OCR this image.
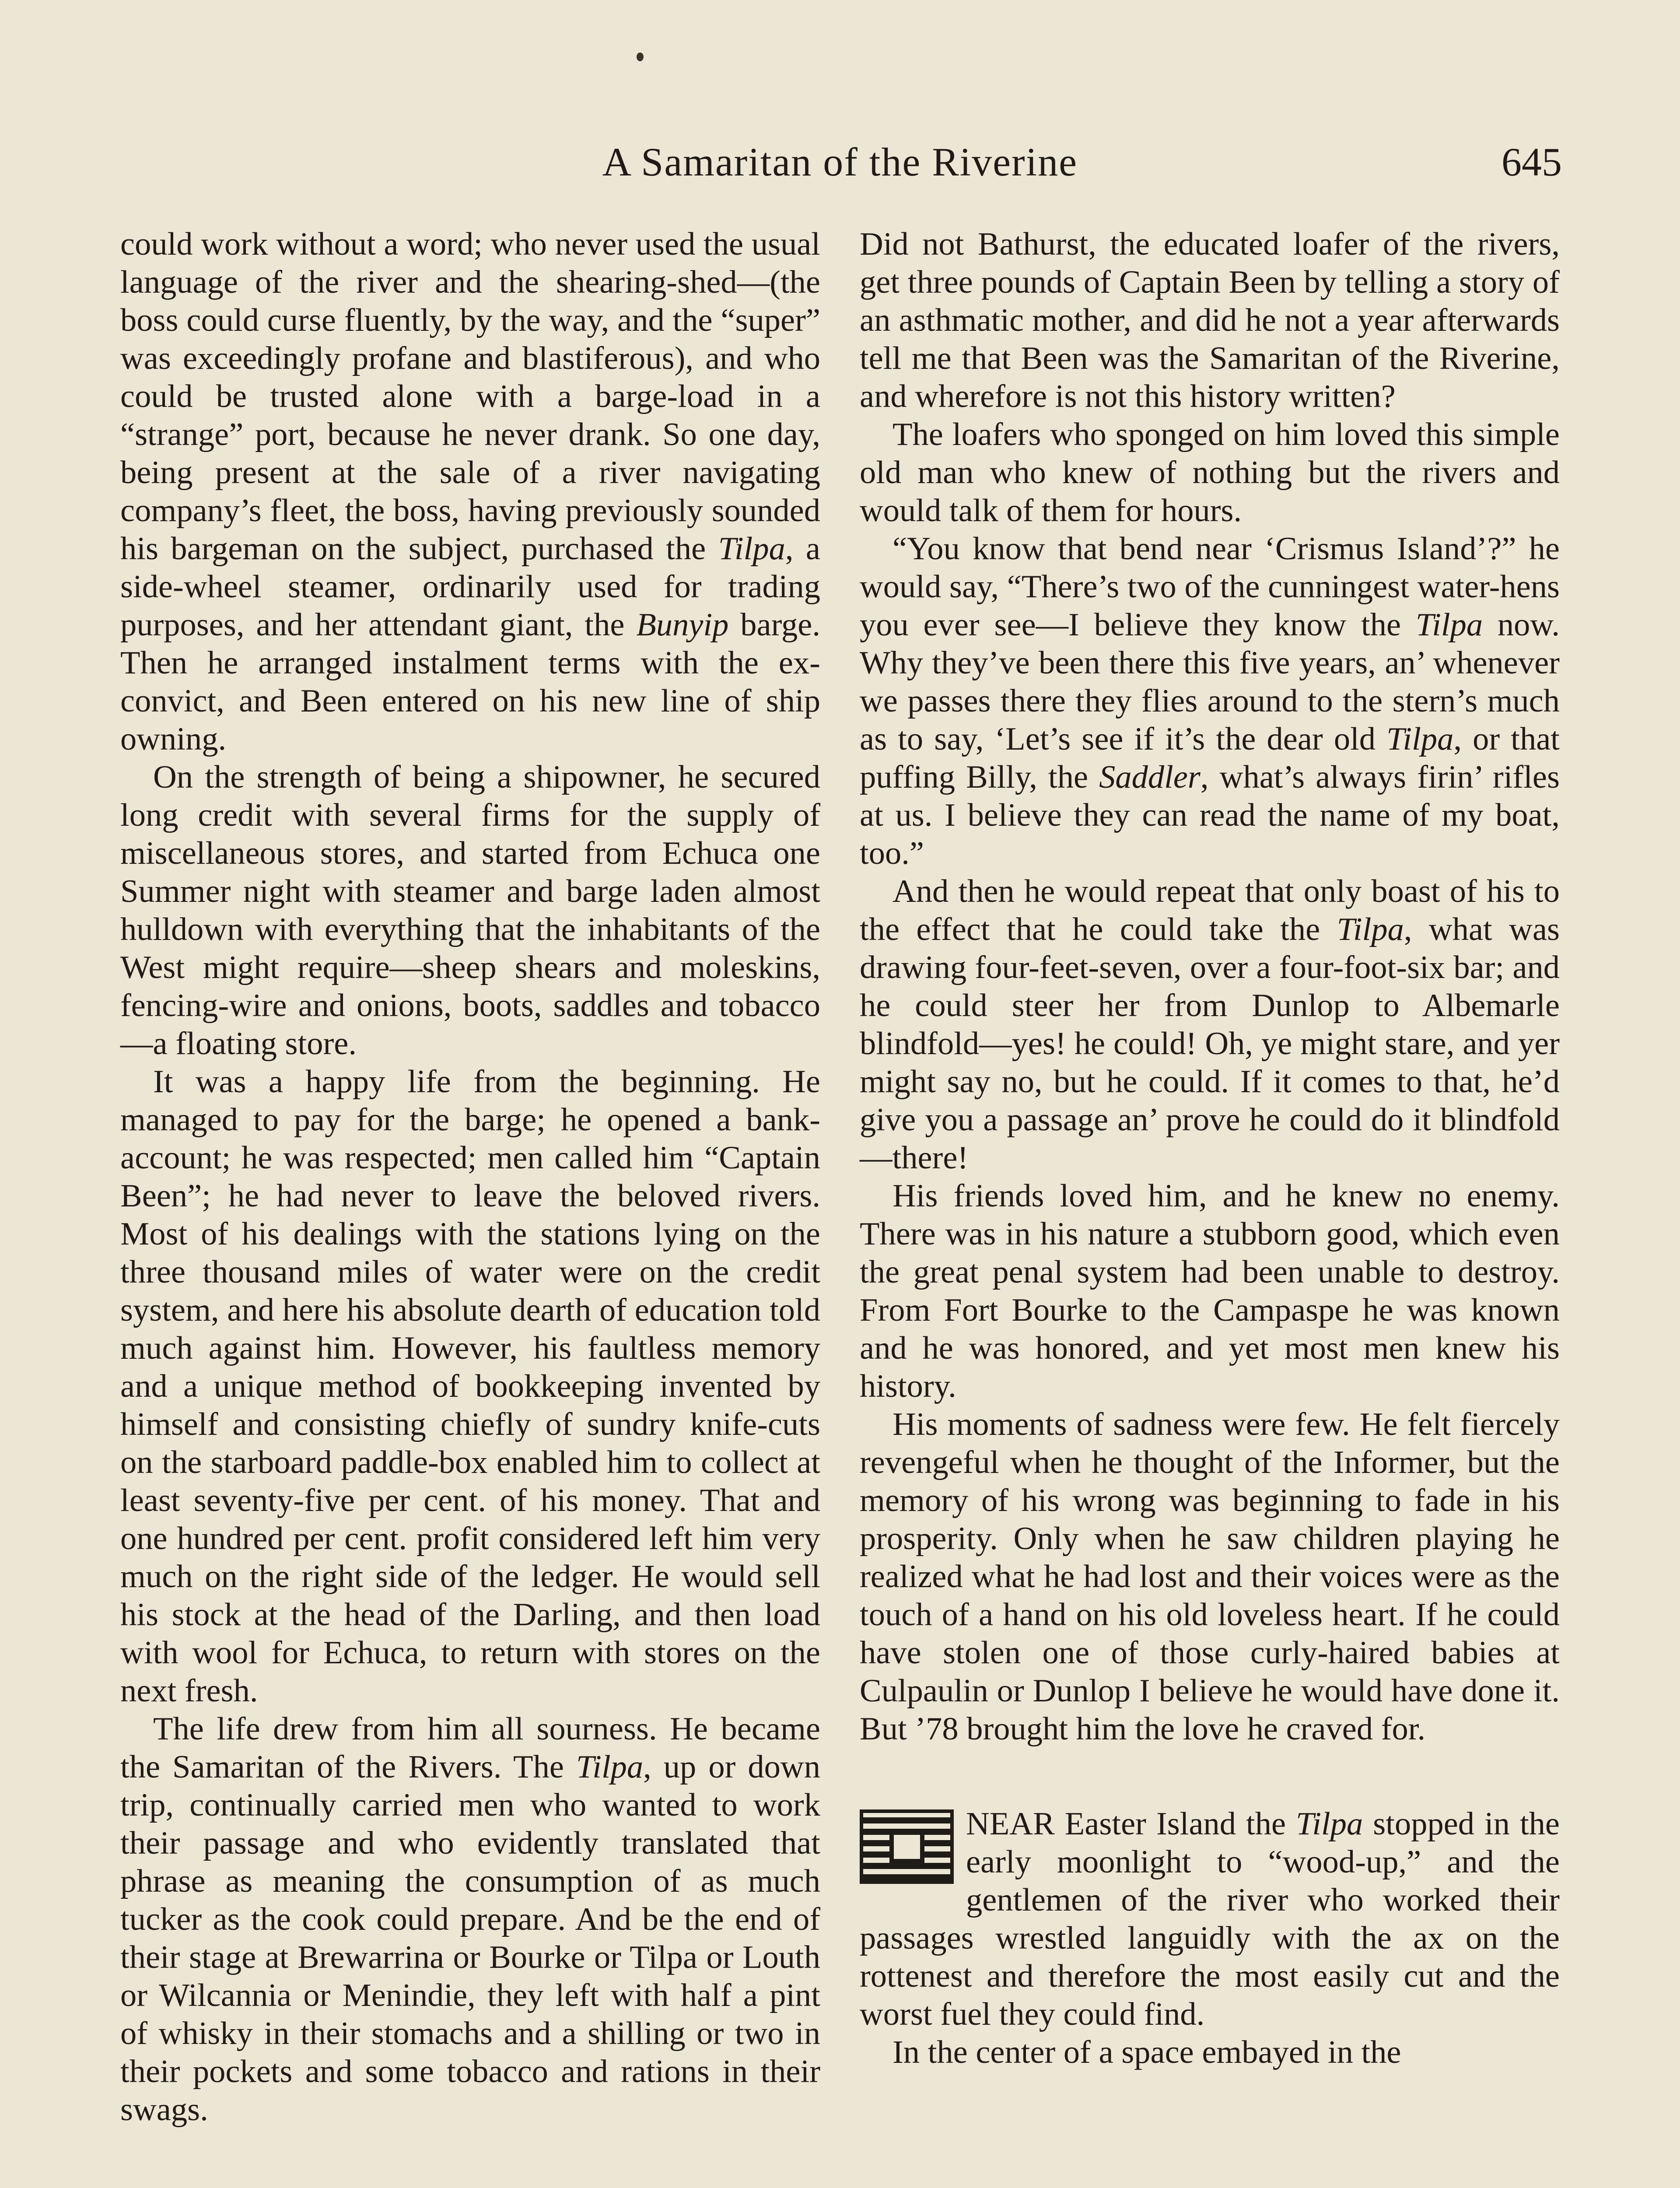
A Samaritan of the Riverine	645

could work without a word; who never used the usual language of the river and the shearing-shed—(the boss could curse fluently, by the way, and the “super” was exceedingly profane and blastiferous), and who could be trusted alone with a barge-load in a “strange” port, because he never drank. So one day, being present at the sale of a river navigating company’s fleet, the boss, having previously sounded his bargeman on the subject, purchased the Tilpa, a side-wheel steamer, ordinarily used for trading purposes, and her attendant giant, the Bunyip barge. Then he arranged instalment terms with the ex-convict, and Been entered on his new line of ship owning.

On the strength of being a shipowner, he secured long credit with several firms for the supply of miscellaneous stores, and started from Echuca one Summer night with steamer and barge laden almost hulldown with everything that the inhabitants of the West might require—sheep shears and moleskins, fencing-wire and onions, boots, saddles and tobacco—a floating store.

It was a happy life from the beginning. He managed to pay for the barge; he opened a bank-account; he was respected; men called him “Captain Been”; he had never to leave the beloved rivers. Most of his dealings with the stations lying on the three thousand miles of water were on the credit system, and here his absolute dearth of education told much against him. However, his faultless memory and a unique method of bookkeeping invented by himself and consisting chiefly of sundry knife-cuts on the starboard paddle-box enabled him to collect at least seventy-five per cent. of his money. That and one hundred per cent. profit considered left him very much on the right side of the ledger. He would sell his stock at the head of the Darling, and then load with wool for Echuca, to return with stores on the next fresh.

The life drew from him all sourness. He became the Samaritan of the Rivers. The Tilpa, up or down trip, continually carried men who wanted to work their passage and who evidently translated that phrase as meaning the consumption of as much tucker as the cook could prepare. And be the end of their stage at Brewarrina or Bourke or Tilpa or Louth or Wilcannia or Menindie, they left with half a pint of whisky in their stomachs and a shilling or two in their pockets and some tobacco and rations in their swags.

Did not Bathurst, the educated loafer of the rivers, get three pounds of Captain Been by telling a story of an asthmatic mother, and did he not a year afterwards tell me that Been was the Samaritan of the Riverine, and wherefore is not this history written?

The loafers who sponged on him loved this simple old man who knew of nothing but the rivers and would talk of them for hours.

“You know that bend near ‘Crismus Island’?” he would say, “There’s two of the cunningest water-hens you ever see—I believe they know the Tilpa now. Why they’ve been there this five years, an’ whenever we passes there they flies around to the stern’s much as to say, ‘Let’s see if it’s the dear old Tilpa, or that puffing Billy, the Saddler, what’s always firin’ rifles at us. I believe they can read the name of my boat, too.”

And then he would repeat that only boast of his to the effect that he could take the Tilpa, what was drawing four-feet-seven, over a four-foot-six bar; and he could steer her from Dunlop to Albemarle blindfold—yes! he could! Oh, ye might stare, and yer might say no, but he could. If it comes to that, he’d give you a passage an’ prove he could do it blindfold—there!

His friends loved him, and he knew no enemy. There was in his nature a stubborn good, which even the great penal system had been unable to destroy. From Fort Bourke to the Campaspe he was known and he was honored, and yet most men knew his history.

His moments of sadness were few. He felt fiercely revengeful when he thought of the Informer, but the memory of his wrong was beginning to fade in his prosperity. Only when he saw children playing he realized what he had lost and their voices were as the touch of a hand on his old loveless heart. If he could have stolen one of those curly-haired babies at Culpaulin or Dunlop I believe he would have done it. But ’78 brought him the love he craved for.

NEAR Easter Island the Tilpa stopped in the early moonlight to “wood-up,” and the gentlemen of the river who worked their passages wrestled languidly with the ax on the rottenest and therefore the most easily cut and the worst fuel they could find.

In the center of a space embayed in the
